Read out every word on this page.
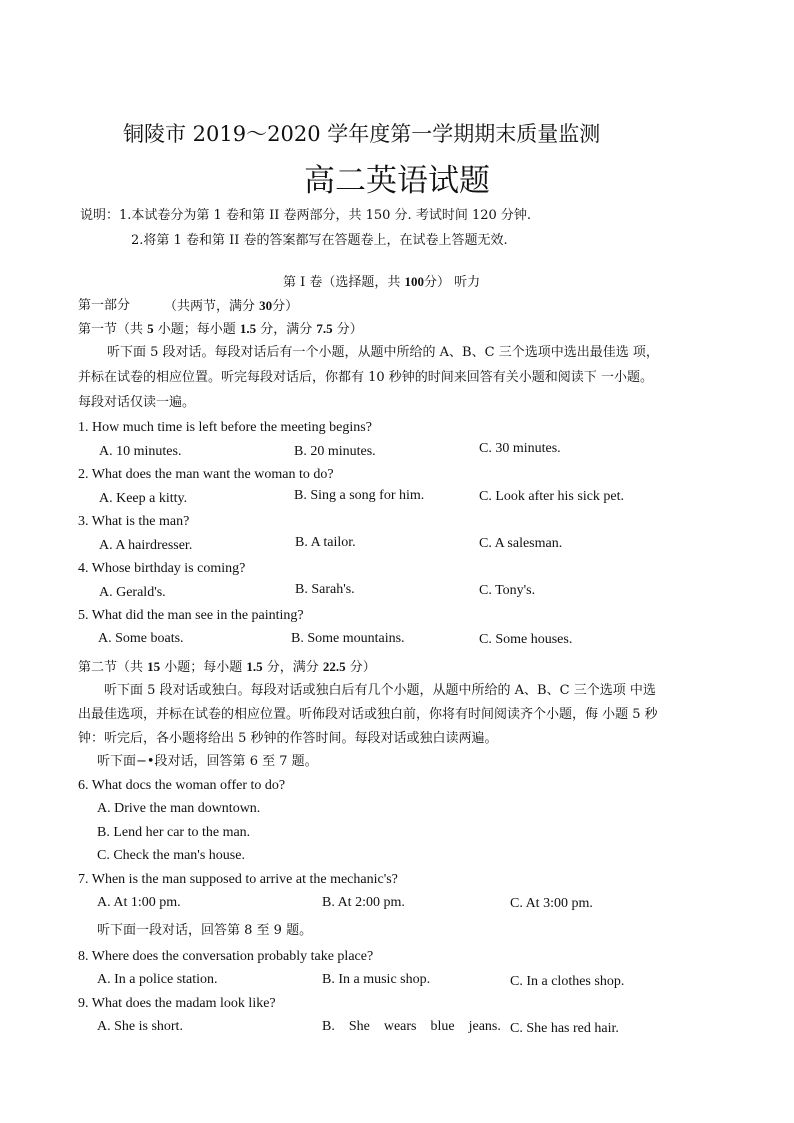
铜陵市 2019～2020 学年度第一学期期末质量监测
高二英语试题
说明：1.本试卷分为第 1 卷和第 II 卷两部分，共 150 分. 考试时间 120 分钟.
2.将第 1 卷和第 II 卷的答案都写在答题卷上，在试卷上答题无效.
第 I 卷（选择题，共 100分） 听力
第一部分	（共两节，满分 30分）
第一节（共 5 小题；每小题 1.5 分，满分 7.5 分）
听下面 5 段对话。每段对话后有一个小题，从题中所给的 A、B、C 三个选项中选出最佳选 项，
并标在试卷的相应位置。听完每段对话后，你都有 10 秒钟的时间来回答有关小题和阅读下 一小题。
每段对话仅读一遍。
1. How much time is left before the meeting begins?
A. 10 minutes.	B. 20 minutes.	C. 30 minutes.
2. What does the man want the woman to do?
A. Keep a kitty.	B. Sing a song for him.	C. Look after his sick pet.
3. What is the man?
A. A hairdresser.	B. A tailor.	C. A salesman.
4. Whose birthday is coming?
A. Gerald's.	B. Sarah's.	C. Tony's.
5. What did the man see in the painting?
A. Some boats.	B. Some mountains.	C. Some houses.
第二节（共 15 小题；每小题 1.5 分，满分 22.5 分）
听下面 5 段对话或独白。每段对话或独白后有几个小题，从题中所给的 A、B、C 三个选项 中选
出最佳选项，并标在试卷的相应位置。听佈段对话或独白前，你将有时间阅读齐个小题，侮 小题 5 秒
钟：听完后，各小题将给出 5 秒钟的作答时间。每段对话或独白读两遍。
听下面−•段对话，回答第 6 至 7 题。
6. What docs the woman offer to do?
A. Drive the man downtown.
B. Lend her car to the man.
C. Check the man's house.
7. When is the man supposed to arrive at the mechanic's?
A. At 1:00 pm.	B. At 2:00 pm.	C. At 3:00 pm.
听下面一段对话，回答第 8 至 9 题。
8. Where does the conversation probably take place?
A. In a police station.	B. In a music shop.	C. In a clothes shop.
9. What does the madam look like?
A. She is short.	B.    She    wears    blue    jeans. C. She has red hair.
